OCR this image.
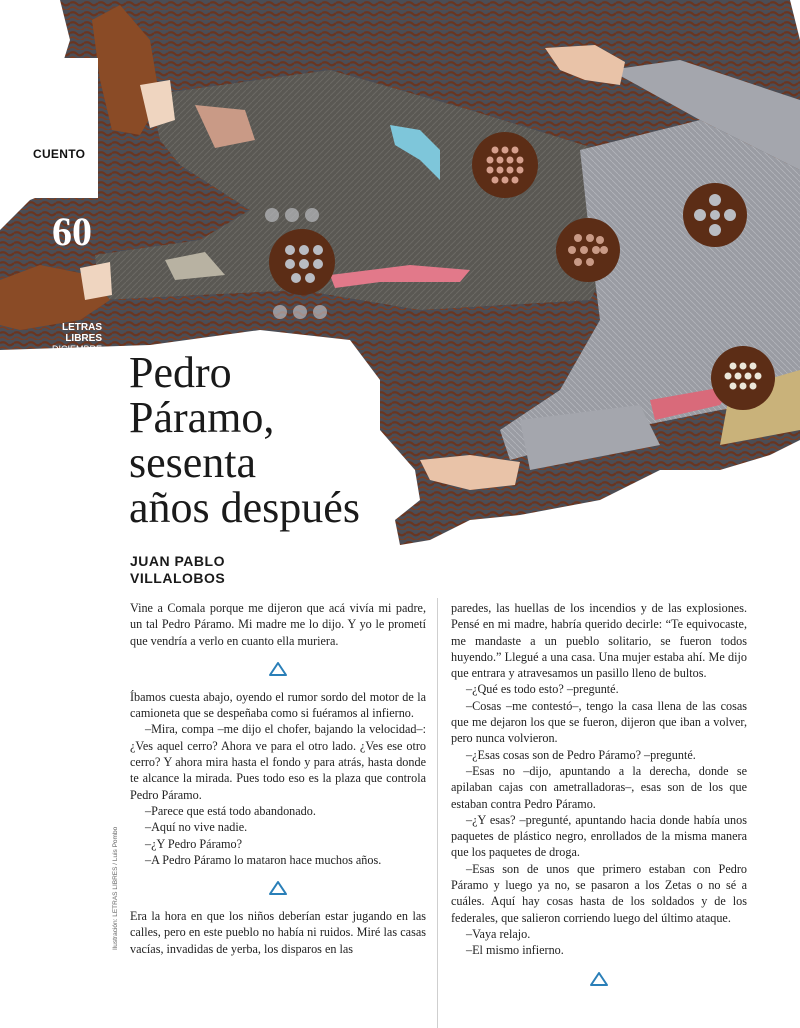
CUENTO
60
LETRAS LIBRES
DICIEMBRE 2015 Pedro
Páramo,
sesenta
años después
JUAN PABLO
VILLALOBOS

Vine a Comala porque me dijeron que acá vivía mi padre, un tal Pedro Páramo. Mi madre me lo dijo. Y yo le prometí que vendría a verlo en cuanto ella muriera.

Íbamos cuesta abajo, oyendo el rumor sordo del motor de la camioneta que se despeñaba como si fuéramos al infierno.

–Mira, compa –me dijo el chofer, bajando la velocidad–: ¿Ves aquel cerro? Ahora ve para el otro lado. ¿Ves ese otro cerro? Y ahora mira hasta el fondo y para atrás, hasta donde te alcance la mirada. Pues todo eso es la plaza que controla Pedro Páramo.

–Parece que está todo abandonado.

–Aquí no vive nadie.

–¿Y Pedro Páramo?

–A Pedro Páramo lo mataron hace muchos años.

Era la hora en que los niños deberían estar jugando en las calles, pero en este pueblo no había ni ruidos. Miré las casas vacías, invadidas de yerba, los disparos en las

paredes, las huellas de los incendios y de las explosiones. Pensé en mi madre, habría querido decirle: “Te equivocaste, me mandaste a un pueblo solitario, se fueron todos huyendo.” Llegué a una casa. Una mujer estaba ahí. Me dijo que entrara y atravesamos un pasillo lleno de bultos.

–¿Qué es todo esto? –pregunté.

–Cosas –me contestó–, tengo la casa llena de las cosas que me dejaron los que se fueron, dijeron que iban a volver, pero nunca volvieron.

–¿Esas cosas son de Pedro Páramo? –pregunté.

–Esas no –dijo, apuntando a la derecha, donde se apilaban cajas con ametralladoras–, esas son de los que estaban contra Pedro Páramo.

–¿Y esas? –pregunté, apuntando hacia donde había unos paquetes de plástico negro, enrollados de la misma manera que los paquetes de droga.

–Esas son de unos que primero estaban con Pedro Páramo y luego ya no, se pasaron a los Zetas o no sé a cuáles. Aquí hay cosas hasta de los soldados y de los federales, que salieron corriendo luego del último ataque.

–Vaya relajo.

–El mismo infierno.

Ilustración: LETRAS LIBRES / Luis Pombo
